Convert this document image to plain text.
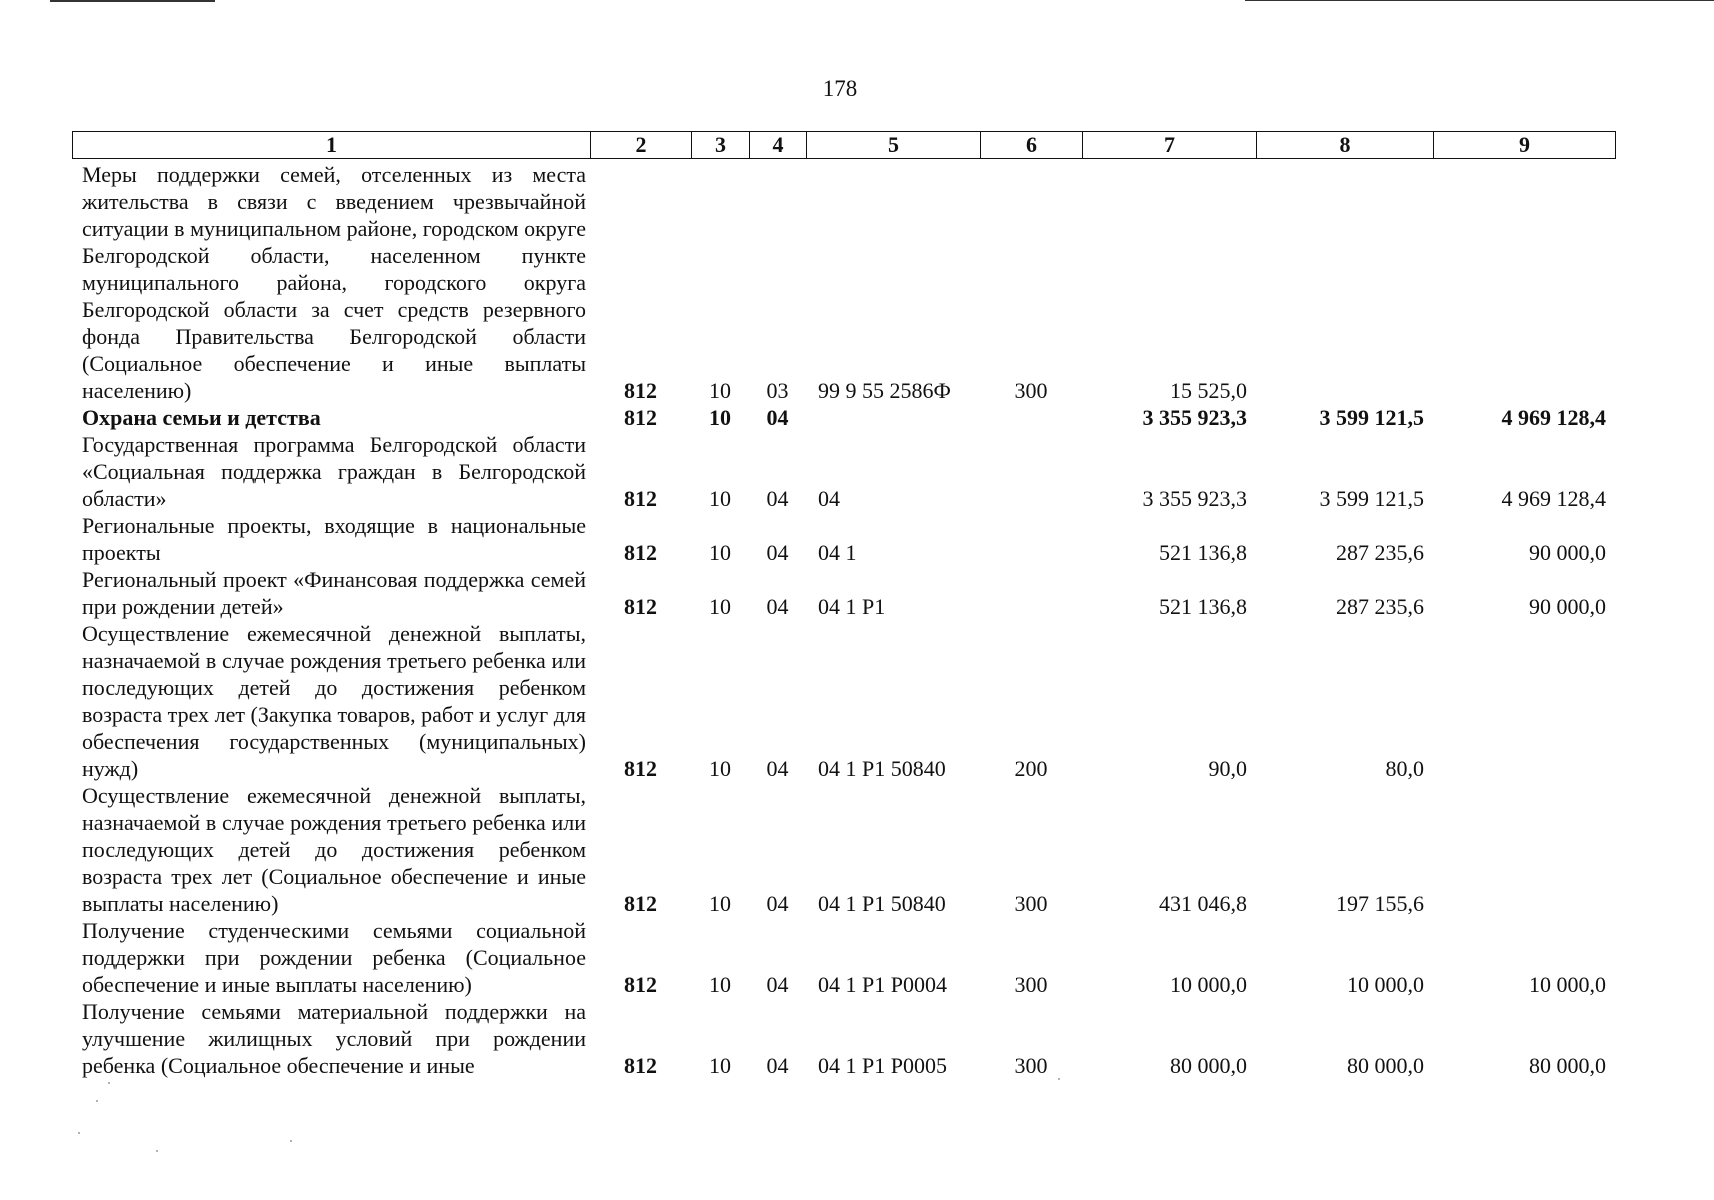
178
1	2	3	4	5	6	7	8	9
Меры поддержки семей, отселенных из места жительства в связи с введением чрезвычайной ситуации в муниципальном районе, городском округе Белгородской области, населенном пункте муниципального района, городского округа Белгородской области за счет средств резервного фонда Правительства Белгородской области (Социальное обеспечение и иные выплаты населению)	812	10	03	99 9 55 2586Ф	300	15 525,0		
Охрана семьи и детства	812	10	04			3 355 923,3	3 599 121,5	4 969 128,4
Государственная программа Белгородской области «Социальная поддержка граждан в Белгородской области»	812	10	04	04		3 355 923,3	3 599 121,5	4 969 128,4
Региональные проекты, входящие в национальные проекты	812	10	04	04 1		521 136,8	287 235,6	90 000,0
Региональный проект «Финансовая поддержка семей при рождении детей»	812	10	04	04 1 Р1		521 136,8	287 235,6	90 000,0
Осуществление ежемесячной денежной выплаты, назначаемой в случае рождения третьего ребенка или последующих детей до достижения ребенком возраста трех лет (Закупка товаров, работ и услуг для обеспечения государственных (муниципальных) нужд)	812	10	04	04 1 Р1 50840	200	90,0	80,0	
Осуществление ежемесячной денежной выплаты, назначаемой в случае рождения третьего ребенка или последующих детей до достижения ребенком возраста трех лет (Социальное обеспечение и иные выплаты населению)	812	10	04	04 1 Р1 50840	300	431 046,8	197 155,6	
Получение студенческими семьями социальной поддержки при рождении ребенка (Социальное обеспечение и иные выплаты населению)	812	10	04	04 1 Р1 Р0004	300	10 000,0	10 000,0	10 000,0
Получение семьями материальной поддержки на улучшение жилищных условий при рождении ребенка (Социальное обеспечение и иные	812	10	04	04 1 Р1 Р0005	300	80 000,0	80 000,0	80 000,0
